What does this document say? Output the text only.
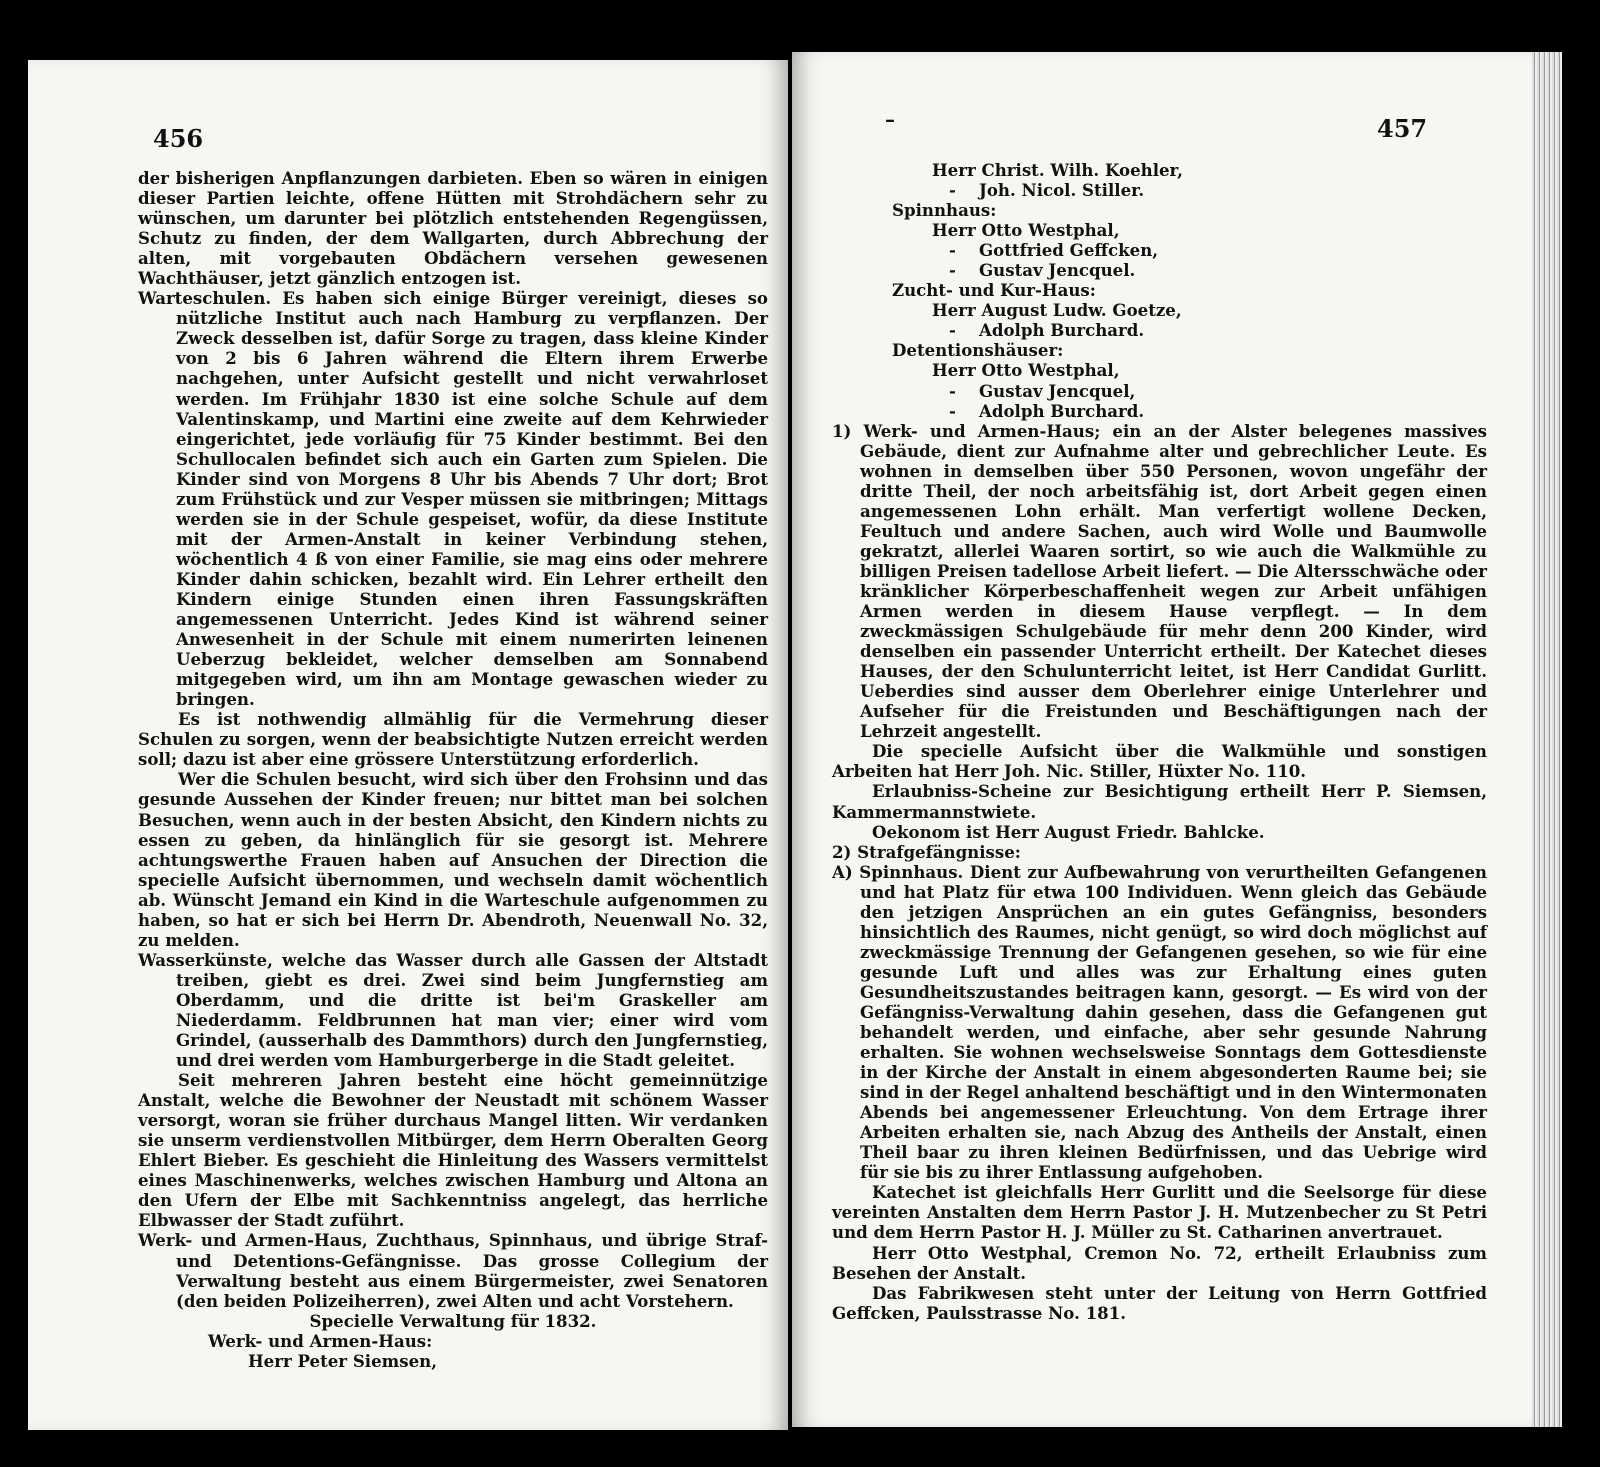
456

der bisherigen Anpflanzungen darbieten. Eben so wären in einigen dieser Partien leichte, offene Hütten mit Strohdächern sehr zu wünschen, um darunter bei plötzlich entstehenden Regengüssen, Schutz zu finden, der dem Wallgarten, durch Abbrechung der alten, mit vorgebauten Obdächern versehen gewesenen Wachthäuser, jetzt gänzlich entzogen ist.

Warteschulen. Es haben sich einige Bürger vereinigt, dieses so nützliche Institut auch nach Hamburg zu verpflanzen. Der Zweck desselben ist, dafür Sorge zu tragen, dass kleine Kinder von 2 bis 6 Jahren während die Eltern ihrem Erwerbe nachgehen, unter Aufsicht gestellt und nicht verwahrloset werden. Im Frühjahr 1830 ist eine solche Schule auf dem Valentinskamp, und Martini eine zweite auf dem Kehrwieder eingerichtet, jede vorläufig für 75 Kinder bestimmt. Bei den Schullocalen befindet sich auch ein Garten zum Spielen. Die Kinder sind von Morgens 8 Uhr bis Abends 7 Uhr dort; Brot zum Frühstück und zur Vesper müssen sie mitbringen; Mittags werden sie in der Schule gespeiset, wofür, da diese Institute mit der Armen-Anstalt in keiner Verbindung stehen, wöchentlich 4 ß von einer Familie, sie mag eins oder mehrere Kinder dahin schicken, bezahlt wird. Ein Lehrer ertheilt den Kindern einige Stunden einen ihren Fassungskräften angemessenen Unterricht. Jedes Kind ist während seiner Anwesenheit in der Schule mit einem numerirten leinenen Ueberzug bekleidet, welcher demselben am Sonnabend mitgegeben wird, um ihn am Montage gewaschen wieder zu bringen.

Es ist nothwendig allmählig für die Vermehrung dieser Schulen zu sorgen, wenn der beabsichtigte Nutzen erreicht werden soll; dazu ist aber eine grössere Unterstützung erforderlich.

Wer die Schulen besucht, wird sich über den Frohsinn und das gesunde Aussehen der Kinder freuen; nur bittet man bei solchen Besuchen, wenn auch in der besten Absicht, den Kindern nichts zu essen zu geben, da hinlänglich für sie gesorgt ist. Mehrere achtungswerthe Frauen haben auf Ansuchen der Direction die specielle Aufsicht übernommen, und wechseln damit wöchentlich ab. Wünscht Jemand ein Kind in die Warteschule aufgenommen zu haben, so hat er sich bei Herrn Dr. Abendroth, Neuenwall No. 32, zu melden.

Wasserkünste, welche das Wasser durch alle Gassen der Altstadt treiben, giebt es drei. Zwei sind beim Jungfernstieg am Oberdamm, und die dritte ist bei'm Graskeller am Niederdamm. Feldbrunnen hat man vier; einer wird vom Grindel, (ausserhalb des Dammthors) durch den Jungfernstieg, und drei werden vom Hamburgerberge in die Stadt geleitet.

Seit mehreren Jahren besteht eine höcht gemeinnützige Anstalt, welche die Bewohner der Neustadt mit schönem Wasser versorgt, woran sie früher durchaus Mangel litten. Wir verdanken sie unserm verdienstvollen Mitbürger, dem Herrn Oberalten Georg Ehlert Bieber. Es geschieht die Hinleitung des Wassers vermittelst eines Maschinenwerks, welches zwischen Hamburg und Altona an den Ufern der Elbe mit Sachkenntniss angelegt, das herrliche Elbwasser der Stadt zuführt.

Werk- und Armen-Haus, Zuchthaus, Spinnhaus, und übrige Straf- und Detentions-Gefängnisse. Das grosse Collegium der Verwaltung besteht aus einem Bürgermeister, zwei Senatoren (den beiden Polizeiherren), zwei Alten und acht Vorstehern.

Specielle Verwaltung für 1832.

Werk- und Armen-Haus:

Herr Peter Siemsen,

–	457

Herr Christ. Wilh. Koehler,

-    Joh. Nicol. Stiller.

Spinnhaus:

Herr Otto Westphal,

-    Gottfried Geffcken,

-    Gustav Jencquel.

Zucht- und Kur-Haus:

Herr August Ludw. Goetze,

-    Adolph Burchard.

Detentionshäuser:

Herr Otto Westphal,

-    Gustav Jencquel,

-    Adolph Burchard.

1) Werk- und Armen-Haus; ein an der Alster belegenes massives Gebäude, dient zur Aufnahme alter und gebrechlicher Leute. Es wohnen in demselben über 550 Personen, wovon ungefähr der dritte Theil, der noch arbeitsfähig ist, dort Arbeit gegen einen angemessenen Lohn erhält. Man verfertigt wollene Decken, Feultuch und andere Sachen, auch wird Wolle und Baumwolle gekratzt, allerlei Waaren sortirt, so wie auch die Walkmühle zu billigen Preisen tadellose Arbeit liefert. — Die Altersschwäche oder kränklicher Körperbeschaffenheit wegen zur Arbeit unfähigen Armen werden in diesem Hause verpflegt. — In dem zweckmässigen Schulgebäude für mehr denn 200 Kinder, wird denselben ein passender Unterricht ertheilt. Der Katechet dieses Hauses, der den Schulunterricht leitet, ist Herr Candidat Gurlitt. Ueberdies sind ausser dem Oberlehrer einige Unterlehrer und Aufseher für die Freistunden und Beschäftigungen nach der Lehrzeit angestellt.

Die specielle Aufsicht über die Walkmühle und sonstigen Arbeiten hat Herr Joh. Nic. Stiller, Hüxter No. 110.

Erlaubniss-Scheine zur Besichtigung ertheilt Herr P. Siemsen, Kammermannstwiete.

Oekonom ist Herr August Friedr. Bahlcke.

2) Strafgefängnisse:

A) Spinnhaus. Dient zur Aufbewahrung von verurtheilten Gefangenen und hat Platz für etwa 100 Individuen. Wenn gleich das Gebäude den jetzigen Ansprüchen an ein gutes Gefängniss, besonders hinsichtlich des Raumes, nicht genügt, so wird doch möglichst auf zweckmässige Trennung der Gefangenen gesehen, so wie für eine gesunde Luft und alles was zur Erhaltung eines guten Gesundheitszustandes beitragen kann, gesorgt. — Es wird von der Gefängniss-Verwaltung dahin gesehen, dass die Gefangenen gut behandelt werden, und einfache, aber sehr gesunde Nahrung erhalten. Sie wohnen wechselsweise Sonntags dem Gottesdienste in der Kirche der Anstalt in einem abgesonderten Raume bei; sie sind in der Regel anhaltend beschäftigt und in den Wintermonaten Abends bei angemessener Erleuchtung. Von dem Ertrage ihrer Arbeiten erhalten sie, nach Abzug des Antheils der Anstalt, einen Theil baar zu ihren kleinen Bedürfnissen, und das Uebrige wird für sie bis zu ihrer Entlassung aufgehoben.

Katechet ist gleichfalls Herr Gurlitt und die Seelsorge für diese vereinten Anstalten dem Herrn Pastor J. H. Mutzenbecher zu St Petri und dem Herrn Pastor H. J. Müller zu St. Catharinen anvertrauet.

Herr Otto Westphal, Cremon No. 72, ertheilt Erlaubniss zum Besehen der Anstalt.

Das Fabrikwesen steht unter der Leitung von Herrn Gottfried Geffcken, Paulsstrasse No. 181.
